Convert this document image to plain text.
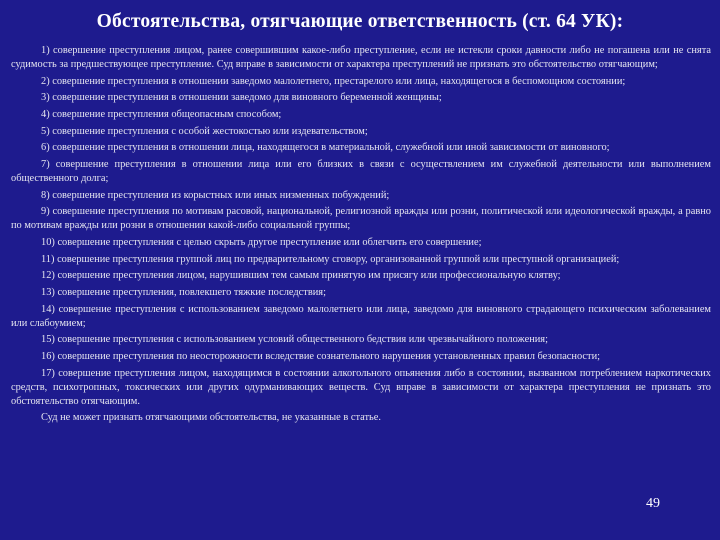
Обстоятельства, отягчающие ответственность (ст. 64 УК):

1) совершение преступления лицом, ранее совершившим какое-либо преступление, если не истекли сроки давности либо не погашена или не снята судимость за предшествующее преступление. Суд вправе в зависимости от характера преступлений не признать это обстоятельство отягчающим;

2) совершение преступления в отношении заведомо малолетнего, престарелого или лица, находящегося в беспомощном состоянии;

3) совершение преступления в отношении заведомо для виновного беременной женщины;

4) совершение преступления общеопасным способом;

5) совершение преступления с особой жестокостью или издевательством;

6) совершение преступления в отношении лица, находящегося в материальной, служебной или иной зависимости от виновного;

7) совершение преступления в отношении лица или его близких в связи с осуществлением им служебной деятельности или выполнением общественного долга;

8) совершение преступления из корыстных или иных низменных побуждений;

9) совершение преступления по мотивам расовой, национальной, религиозной вражды или розни, политической или идеологической вражды, а равно по мотивам вражды или розни в отношении какой-либо социальной группы;

10) совершение преступления с целью скрыть другое преступление или облегчить его совершение;

11) совершение преступления группой лиц по предварительному сговору, организованной группой или преступной организацией;

12) совершение преступления лицом, нарушившим тем самым принятую им присягу или профессиональную клятву;

13) совершение преступления, повлекшего тяжкие последствия;

14) совершение преступления с использованием заведомо малолетнего или лица, заведомо для виновного страдающего психическим заболеванием или слабоумием;

15) совершение преступления с использованием условий общественного бедствия или чрезвычайного положения;

16) совершение преступления по неосторожности вследствие сознательного нарушения установленных правил безопасности;

17) совершение преступления лицом, находящимся в состоянии алкогольного опьянения либо в состоянии, вызванном потреблением наркотических средств, психотропных, токсических или других одурманивающих веществ. Суд вправе в зависимости от характера преступления не признать это обстоятельство отягчающим.

Суд не может признать отягчающими обстоятельства, не указанные в статье.

49
